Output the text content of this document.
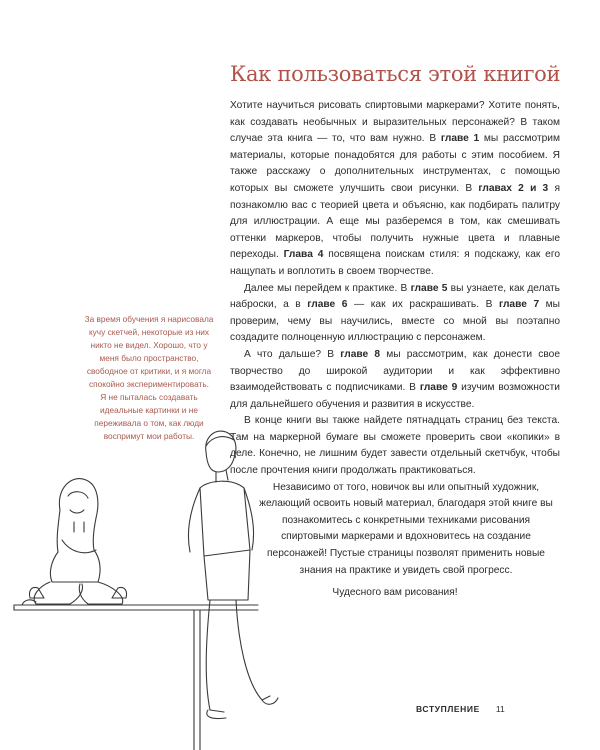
Как пользоваться этой книгой

Хотите научиться рисовать спиртовыми маркерами? Хотите понять, как создавать необычных и выразительных персонажей? В таком случае эта книга — то, что вам нужно. В главе 1 мы рассмотрим материалы, которые понадобятся для работы с этим пособием. Я также расскажу о дополнительных инструментах, с помощью которых вы сможете улучшить свои рисунки. В главах 2 и 3 я познакомлю вас с теорией цвета и объясню, как подбирать палитру для иллюстрации. А еще мы разберемся в том, как смешивать оттенки маркеров, чтобы получить нужные цвета и плавные переходы. Глава 4 посвящена поискам стиля: я подскажу, как его нащупать и воплотить в своем творчестве.

Далее мы перейдем к практике. В главе 5 вы узнаете, как делать наброски, а в главе 6 — как их раскрашивать. В главе 7 мы проверим, чему вы научились, вместе со мной вы поэтапно создадите полноценную иллюстрацию с персонажем.

А что дальше? В главе 8 мы рассмотрим, как донести свое творчество до широкой аудитории и как эффективно взаимодействовать с подписчиками. В главе 9 изучим возможности для дальнейшего обучения и развития в искусстве.

В конце книги вы также найдете пятнадцать страниц без текста. Там на маркерной бумаге вы сможете проверить свои «копики» в деле. Конечно, не лишним будет завести отдельный скетчбук, чтобы после прочтения книги продолжать практиковаться.

Независимо от того, новичок вы или опытный художник, желающий освоить новый материал, благодаря этой книге вы познакомитесь с конкретными техниками рисования спиртовыми маркерами и вдохновитесь на создание персонажей! Пустые страницы позволят применить новые знания на практике и увидеть свой прогресс.

Чудесного вам рисования!

За время обучения я нарисовала кучу скетчей, некоторые из них никто не видел. Хорошо, что у меня было пространство, свободное от критики, и я могла спокойно экспериментировать.

Я не пыталась создавать идеальные картинки и не переживала о том, как люди воспримут мои работы.

ВСТУПЛЕНИЕ 11
